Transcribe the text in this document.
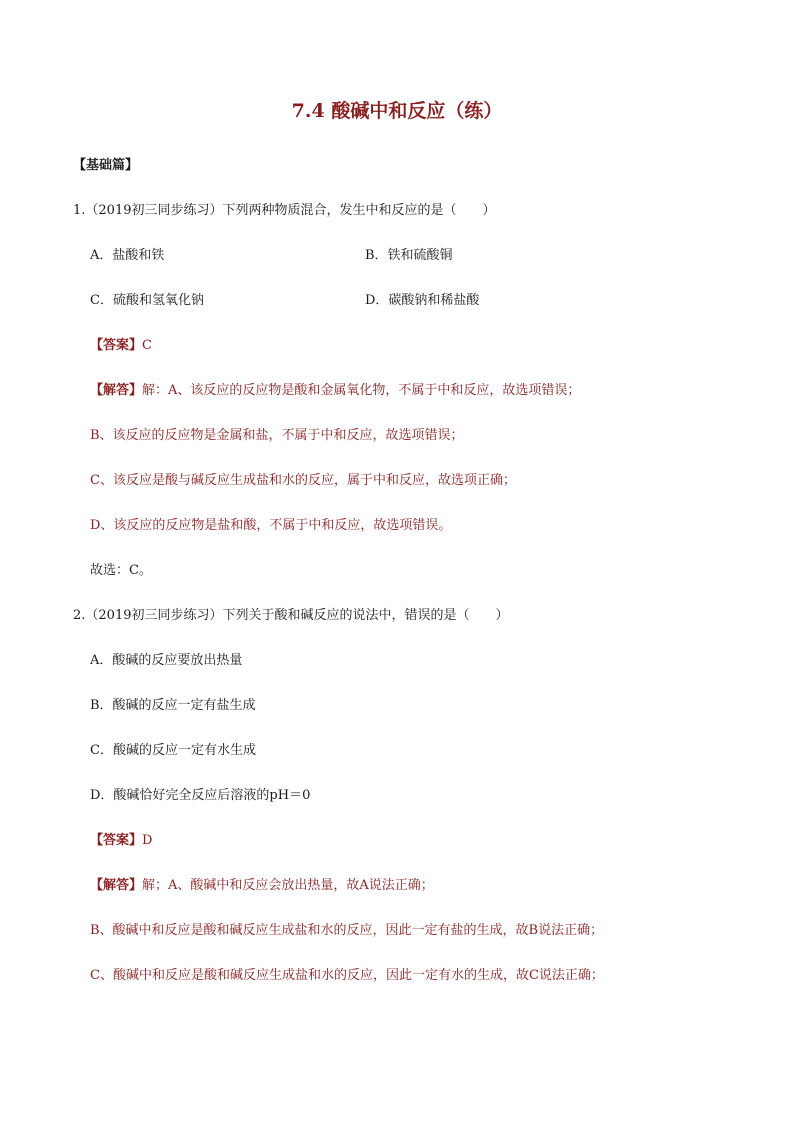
7.4 酸碱中和反应（练）
【基础篇】
1.（2019初三同步练习）下列两种物质混合，发生中和反应的是（　　）
A．盐酸和铁	B．铁和硫酸铜
C．硫酸和氢氧化钠	D．碳酸钠和稀盐酸
【答案】C
【解答】解：A、该反应的反应物是酸和金属氧化物，不属于中和反应，故选项错误；
B、该反应的反应物是金属和盐，不属于中和反应，故选项错误；
C、该反应是酸与碱反应生成盐和水的反应，属于中和反应，故选项正确；
D、该反应的反应物是盐和酸，不属于中和反应，故选项错误。
故选：C。
2.（2019初三同步练习）下列关于酸和碱反应的说法中，错误的是（　　）
A．酸碱的反应要放出热量
B．酸碱的反应一定有盐生成
C．酸碱的反应一定有水生成
D．酸碱恰好完全反应后溶液的pH＝0
【答案】D
【解答】解；A、酸碱中和反应会放出热量，故A说法正确；
B、酸碱中和反应是酸和碱反应生成盐和水的反应，因此一定有盐的生成，故B说法正确；
C、酸碱中和反应是酸和碱反应生成盐和水的反应，因此一定有水的生成，故C说法正确；
